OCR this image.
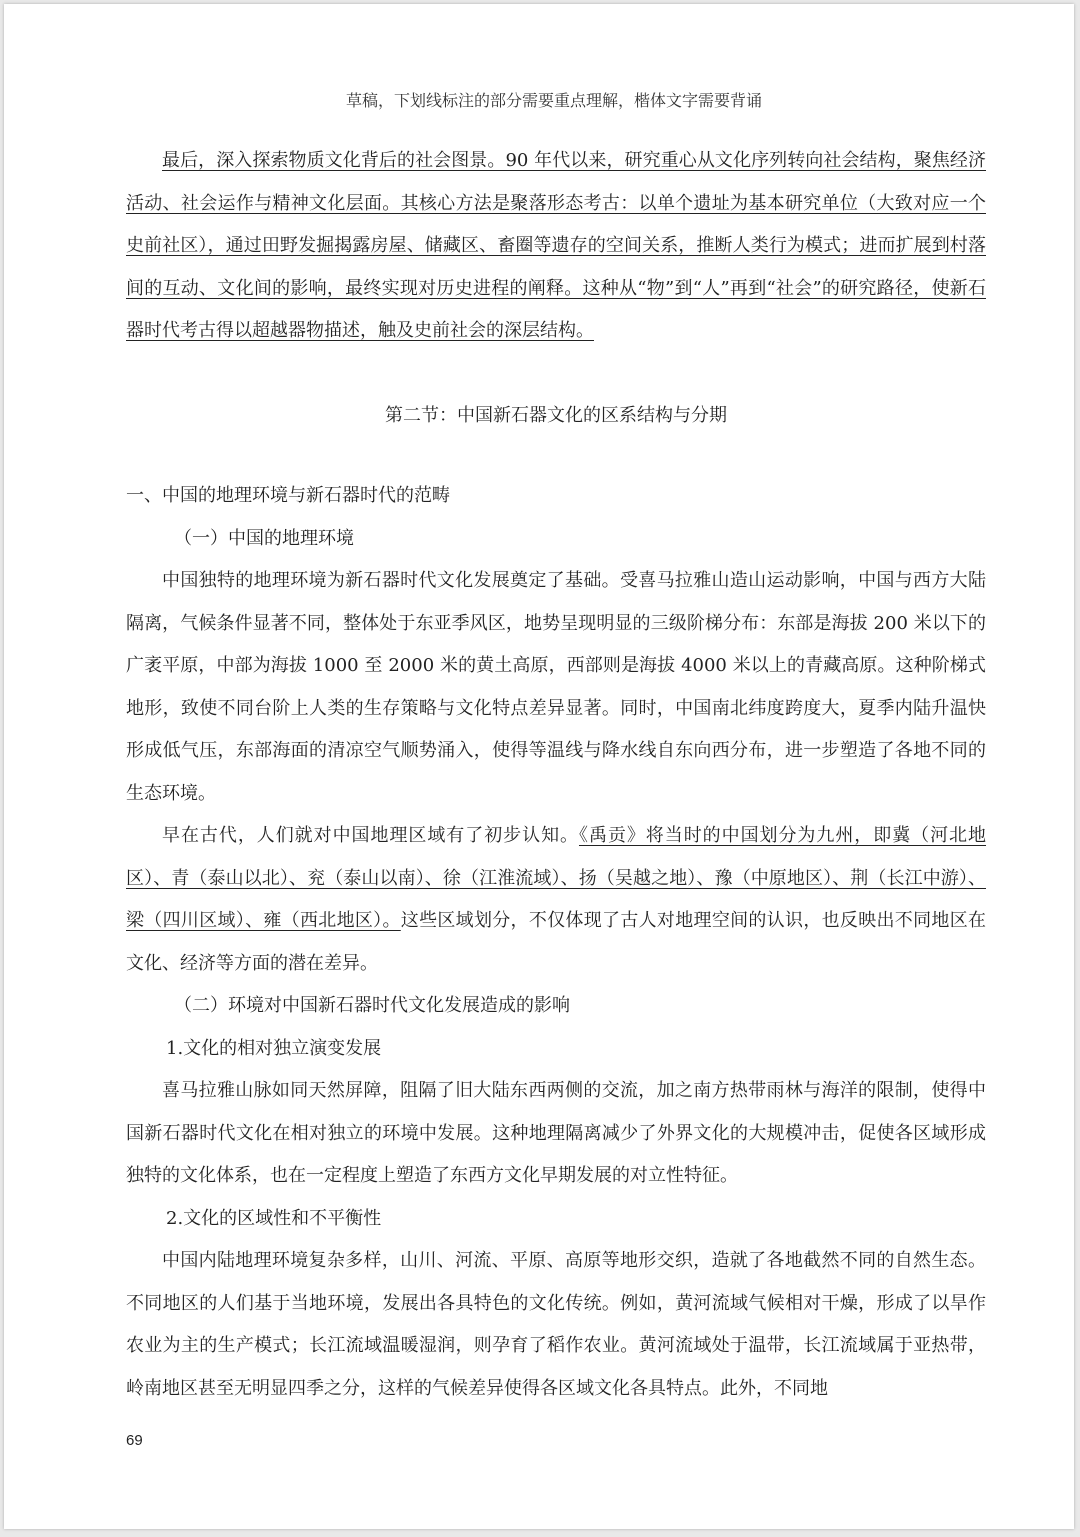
草稿，下划线标注的部分需要重点理解，楷体文字需要背诵

最后，深入探索物质文化背后的社会图景。90 年代以来，研究重心从文化序列转向社会结构，聚焦经济活动、社会运作与精神文化层面。其核心方法是聚落形态考古：以单个遗址为基本研究单位（大致对应一个史前社区），通过田野发掘揭露房屋、储藏区、畜圈等遗存的空间关系，推断人类行为模式；进而扩展到村落间的互动、文化间的影响，最终实现对历史进程的阐释。这种从“物”到“人”再到“社会”的研究路径，使新石器时代考古得以超越器物描述，触及史前社会的深层结构。

第二节：中国新石器文化的区系结构与分期
一、中国的地理环境与新石器时代的范畴
（一）中国的地理环境

中国独特的地理环境为新石器时代文化发展奠定了基础。受喜马拉雅山造山运动影响，中国与西方大陆隔离，气候条件显著不同，整体处于东亚季风区，地势呈现明显的三级阶梯分布：东部是海拔 200 米以下的广袤平原，中部为海拔 1000 至 2000 米的黄土高原，西部则是海拔 4000 米以上的青藏高原。这种阶梯式地形，致使不同台阶上人类的生存策略与文化特点差异显著。同时，中国南北纬度跨度大，夏季内陆升温快形成低气压，东部海面的清凉空气顺势涌入，使得等温线与降水线自东向西分布，进一步塑造了各地不同的生态环境。

早在古代，人们就对中国地理区域有了初步认知。《禹贡》将当时的中国划分为九州，即冀（河北地区）、青（泰山以北）、兖（泰山以南）、徐（江淮流域）、扬（吴越之地）、豫（中原地区）、荆（长江中游）、梁（四川区域）、雍（西北地区）。这些区域划分，不仅体现了古人对地理空间的认识，也反映出不同地区在文化、经济等方面的潜在差异。

（二）环境对中国新石器时代文化发展造成的影响
1.文化的相对独立演变发展

喜马拉雅山脉如同天然屏障，阻隔了旧大陆东西两侧的交流，加之南方热带雨林与海洋的限制，使得中国新石器时代文化在相对独立的环境中发展。这种地理隔离减少了外界文化的大规模冲击，促使各区域形成独特的文化体系，也在一定程度上塑造了东西方文化早期发展的对立性特征。

2.文化的区域性和不平衡性

中国内陆地理环境复杂多样，山川、河流、平原、高原等地形交织，造就了各地截然不同的自然生态。不同地区的人们基于当地环境，发展出各具特色的文化传统。例如，黄河流域气候相对干燥，形成了以旱作农业为主的生产模式；长江流域温暖湿润，则孕育了稻作农业。黄河流域处于温带，长江流域属于亚热带，岭南地区甚至无明显四季之分，这样的气候差异使得各区域文化各具特点。此外，不同地

69
